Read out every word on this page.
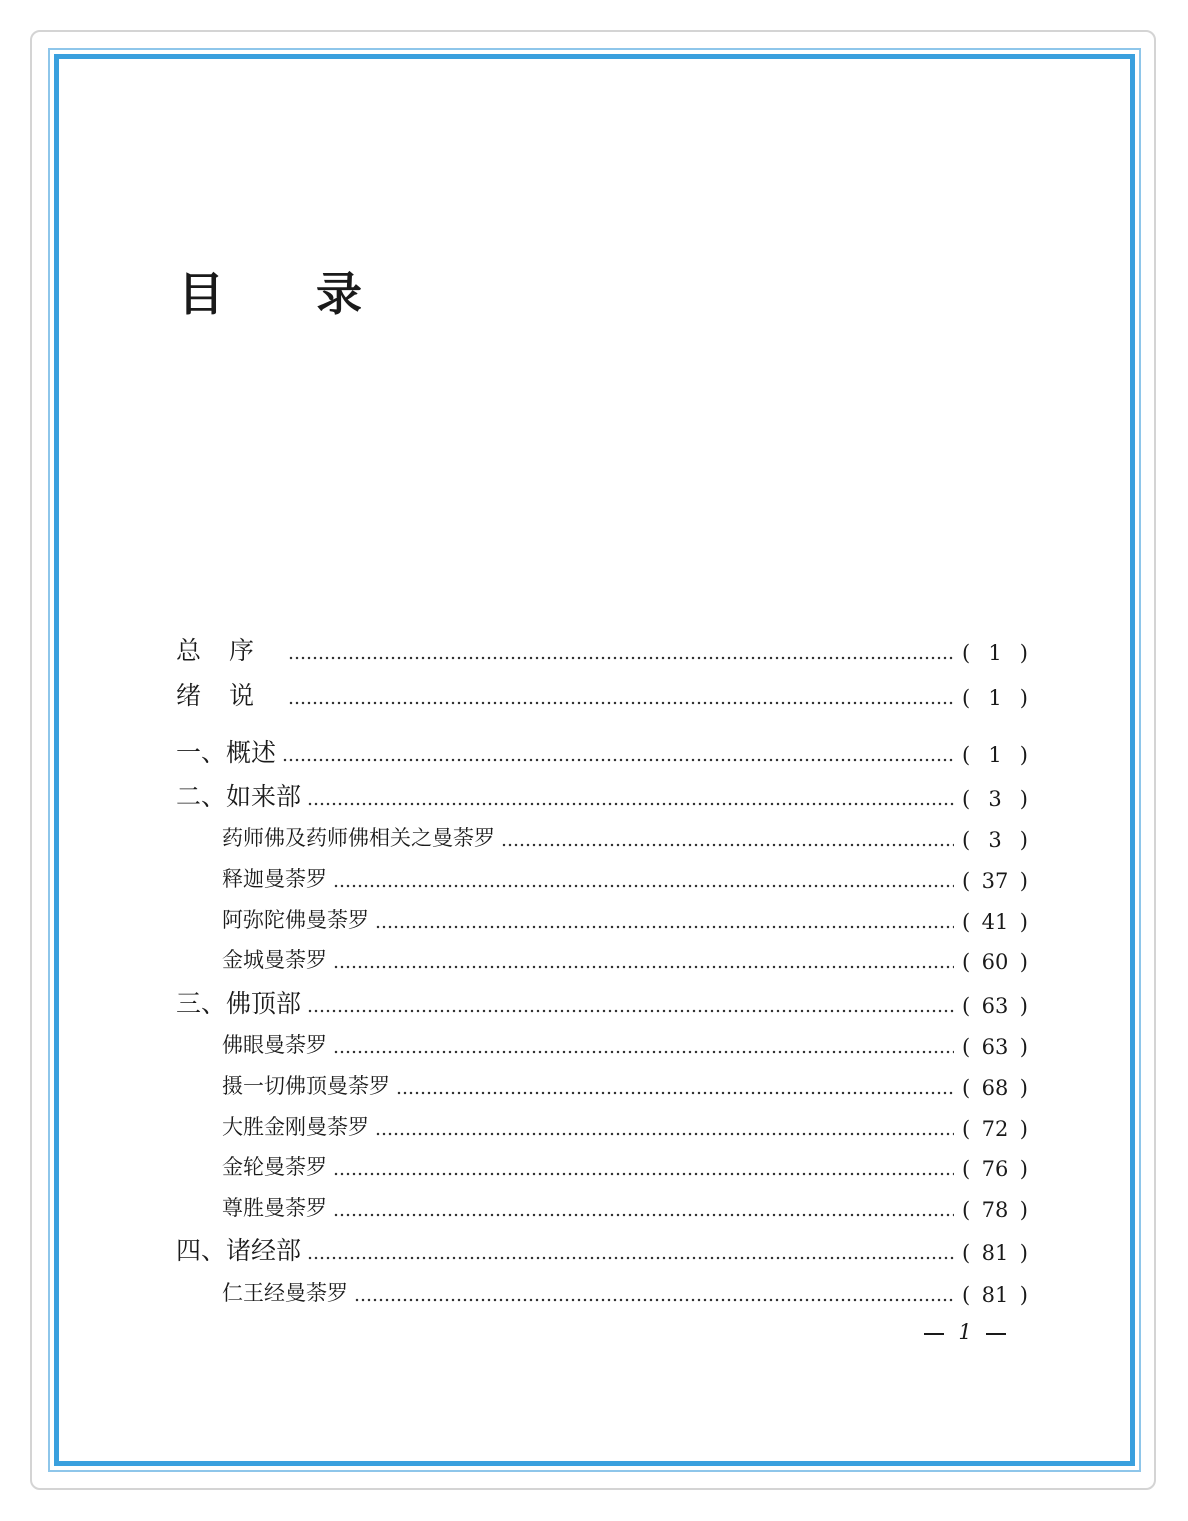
目录
总序	( 1 )
绪说	( 1 )
一、概述	( 1 )
二、如来部	( 3 )
药师佛及药师佛相关之曼荼罗	( 3 )
释迦曼荼罗	( 37 )
阿弥陀佛曼荼罗	( 41 )
金城曼荼罗	( 60 )
三、佛顶部	( 63 )
佛眼曼荼罗	( 63 )
摄一切佛顶曼荼罗	( 68 )
大胜金刚曼荼罗	( 72 )
金轮曼荼罗	( 76 )
尊胜曼荼罗	( 78 )
四、诸经部	( 81 )
仁王经曼荼罗	( 81 )
1
